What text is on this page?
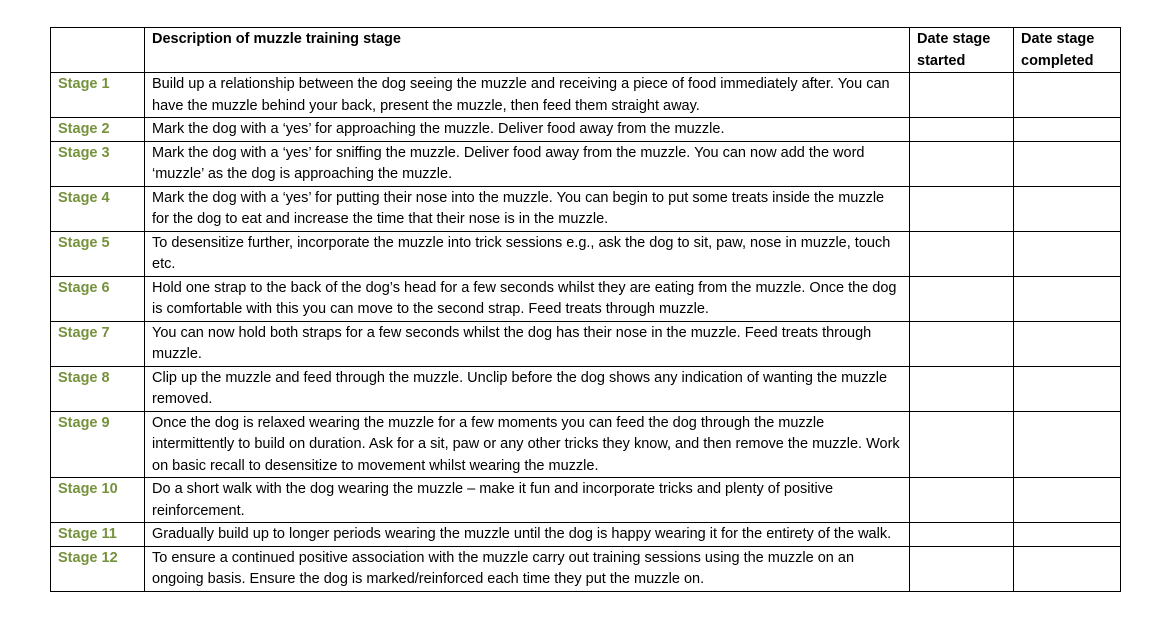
	Description of muzzle training stage	Date stage started	Date stage completed
Stage 1	Build up a relationship between the dog seeing the muzzle and receiving a piece of food immediately after. You can have the muzzle behind your back, present the muzzle, then feed them straight away.		
Stage 2	Mark the dog with a ‘yes’ for approaching the muzzle. Deliver food away from the muzzle.		
Stage 3	Mark the dog with a ‘yes’ for sniffing the muzzle. Deliver food away from the muzzle. You can now add the word ‘muzzle’ as the dog is approaching the muzzle.		
Stage 4	Mark the dog with a ‘yes’ for putting their nose into the muzzle. You can begin to put some treats inside the muzzle for the dog to eat and increase the time that their nose is in the muzzle.		
Stage 5	To desensitize further, incorporate the muzzle into trick sessions e.g., ask the dog to sit, paw, nose in muzzle, touch etc.		
Stage 6	Hold one strap to the back of the dog’s head for a few seconds whilst they are eating from the muzzle. Once the dog is comfortable with this you can move to the second strap. Feed treats through muzzle.		
Stage 7	You can now hold both straps for a few seconds whilst the dog has their nose in the muzzle. Feed treats through muzzle.		
Stage 8	Clip up the muzzle and feed through the muzzle. Unclip before the dog shows any indication of wanting the muzzle removed.		
Stage 9	Once the dog is relaxed wearing the muzzle for a few moments you can feed the dog through the muzzle intermittently to build on duration. Ask for a sit, paw or any other tricks they know, and then remove the muzzle. Work on basic recall to desensitize to movement whilst wearing the muzzle.		
Stage 10	Do a short walk with the dog wearing the muzzle – make it fun and incorporate tricks and plenty of positive reinforcement.		
Stage 11	Gradually build up to longer periods wearing the muzzle until the dog is happy wearing it for the entirety of the walk.		
Stage 12	To ensure a continued positive association with the muzzle carry out training sessions using the muzzle on an ongoing basis. Ensure the dog is marked/reinforced each time they put the muzzle on.		
